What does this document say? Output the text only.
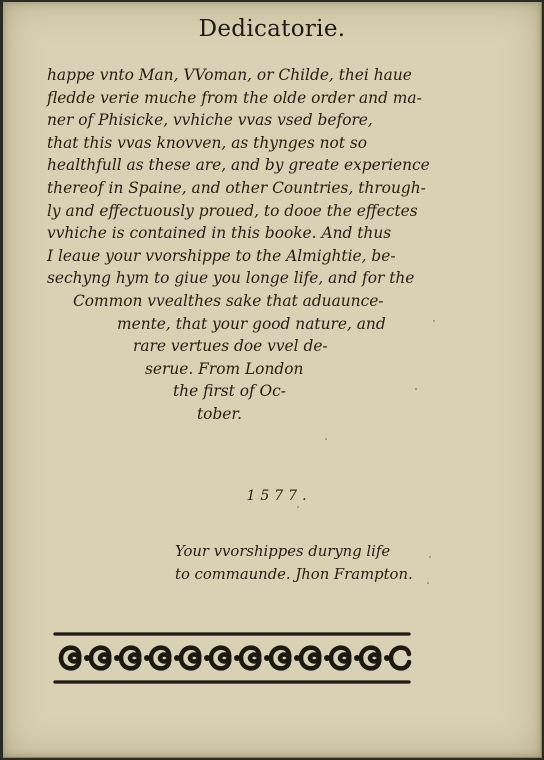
Dedicatorie.
happe vnto Man, VVoman, or Childe, thei haue
fledde verie muche from the olde order and ma-
ner of Phisicke, vvhiche vvas vsed before,
that this vvas knovven, as thynges not so
healthfull as these are, and by greate experience
thereof in Spaine, and other Countries, through-
ly and effectuously proued, to dooe the effectes
vvhiche is contained in this booke. And thus
I leaue your vvorshippe to the Almightie, be-
sechyng hym to giue you longe life, and for the
Common vvealthes sake that aduauncе-
mente, that your good nature, and
rare vertues doe vvel de-
serue. From London
the first of Oc-
tober.
1577.
Your vvorshippes duryng life
to commaunde. Jhon Frampton.
